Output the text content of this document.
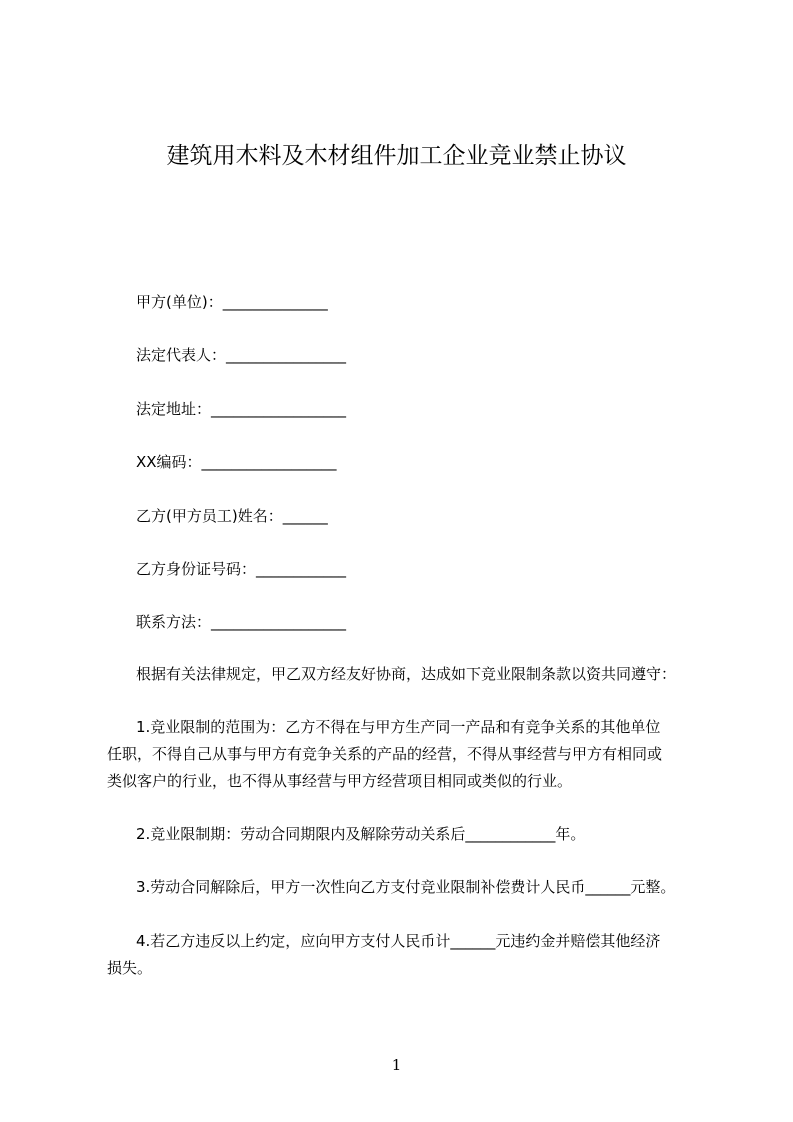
建筑用木料及木材组件加工企业竞业禁止协议
甲方(单位)：______________
法定代表人：________________
法定地址：__________________
XX编码：__________________
乙方(甲方员工)姓名：______
乙方身份证号码：____________
联系方法：__________________
根据有关法律规定，甲乙双方经友好协商，达成如下竞业限制条款以资共同遵守：
1.竞业限制的范围为：乙方不得在与甲方生产同一产品和有竞争关系的其他单位
任职，不得自己从事与甲方有竞争关系的产品的经营，不得从事经营与甲方有相同或
类似客户的行业，也不得从事经营与甲方经营项目相同或类似的行业。
2.竞业限制期：劳动合同期限内及解除劳动关系后____________年。
3.劳动合同解除后，甲方一次性向乙方支付竞业限制补偿费计人民币______元整。
4.若乙方违反以上约定，应向甲方支付人民币计______元违约金并赔偿其他经济
损失。
1
